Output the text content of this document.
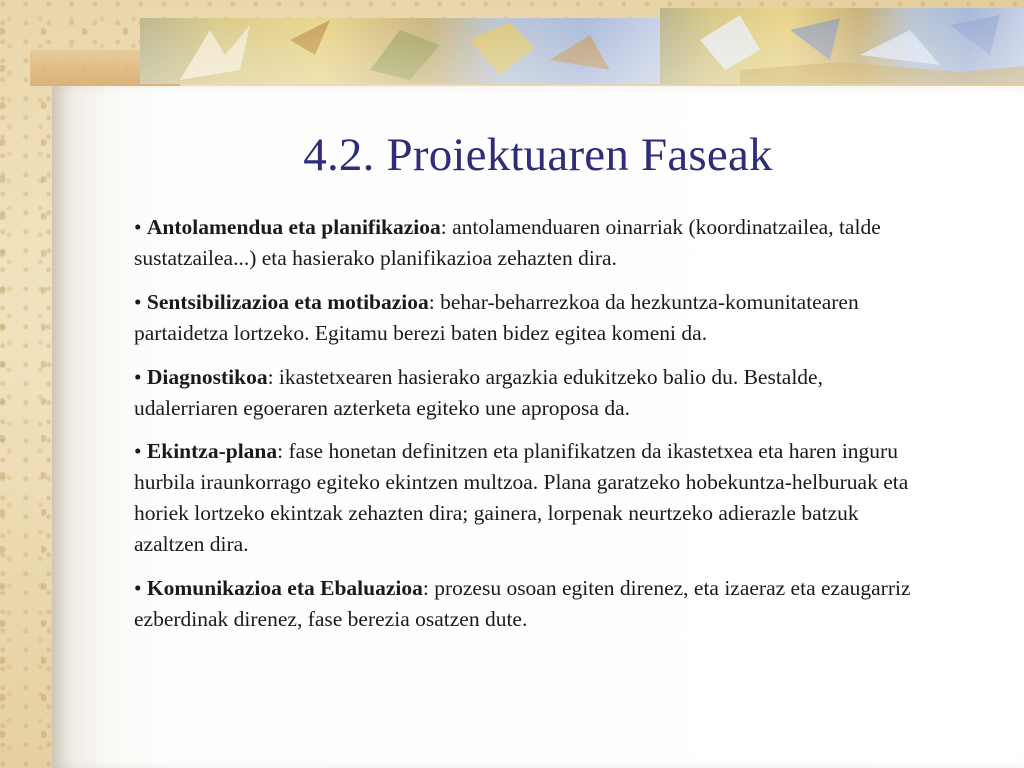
4.2. Proiektuaren Faseak
• Antolamendua eta planifikazioa: antolamenduaren oinarriak (koordinatzailea, talde sustatzailea...) eta hasierako planifikazioa zehazten dira.
• Sentsibilizazioa eta motibazioa: behar-beharrezkoa da hezkuntza-komunitatearen partaidetza lortzeko. Egitamu berezi baten bidez egitea komeni da.
• Diagnostikoa: ikastetxearen hasierako argazkia edukitzeko balio du. Bestalde, udalerriaren egoeraren azterketa egiteko une aproposa da.
• Ekintza-plana: fase honetan definitzen eta planifikatzen da ikastetxea eta haren inguru hurbila iraunkorrago egiteko ekintzen multzoa. Plana garatzeko hobekuntza-helburuak eta horiek lortzeko ekintzak zehazten dira; gainera, lorpenak neurtzeko adierazle batzuk azaltzen dira.
• Komunikazioa eta Ebaluazioa: prozesu osoan egiten direnez, eta izaeraz eta ezaugarriz ezberdinak direnez, fase berezia osatzen dute.
